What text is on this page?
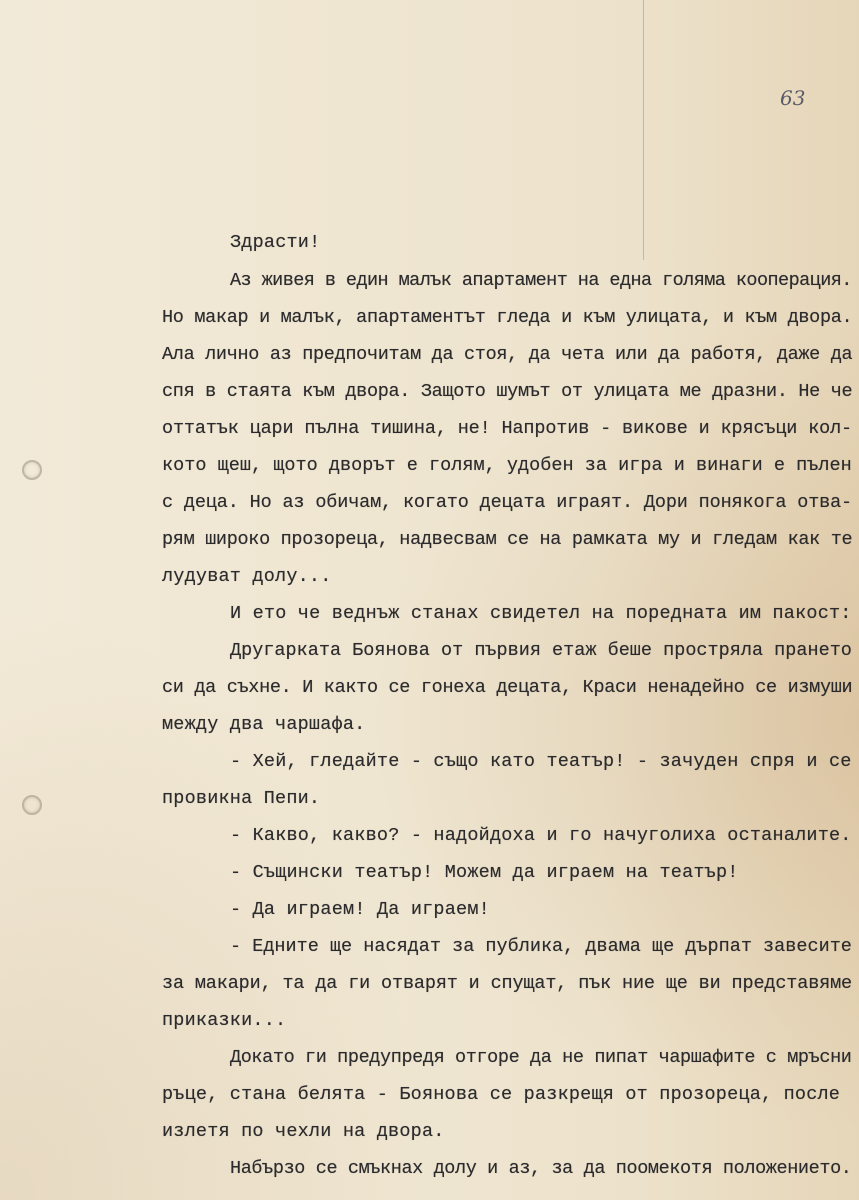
63
Здрасти!
Аз живея в един малък апартамент на една голяма кооперация.
Но макар и малък, апартаментът гледа и към улицата, и към двора.
Ала лично аз предпочитам да стоя, да чета или да работя, даже да
спя в стаята към двора. Защото шумът от улицата ме дразни. Не че
оттатък цари пълна тишина, не! Напротив - викове и крясъци кол-
кото щеш, щото дворът е голям, удобен за игра и винаги е пълен
с деца. Но аз обичам, когато децата играят. Дори понякога отва-
рям широко прозореца, надвесвам се на рамката му и гледам как те
лудуват долу...
И ето че веднъж станах свидетел на поредната им пакост:
Другарката Боянова от първия етаж беше простряла прането
си да съхне. И както се гонеха децата, Краси ненадейно се измуши
между два чаршафа.
- Хей, гледайте - също като театър! - зачуден спря и се
провикна Пепи.
- Какво, какво? - надойдоха и го начуголиха останалите.
- Същински театър! Можем да играем на театър!
- Да играем! Да играем!
- Едните ще насядат за публика, двама ще дърпат завесите
за макари, та да ги отварят и спущат, пък ние ще ви представяме
приказки...
Докато ги предупредя отгоре да не пипат чаршафите с мръсни
ръце, стана белята - Боянова се разкрещя от прозореца, после
излетя по чехли на двора.
Набързо се смъкнах долу и аз, за да поомекотя положението.
